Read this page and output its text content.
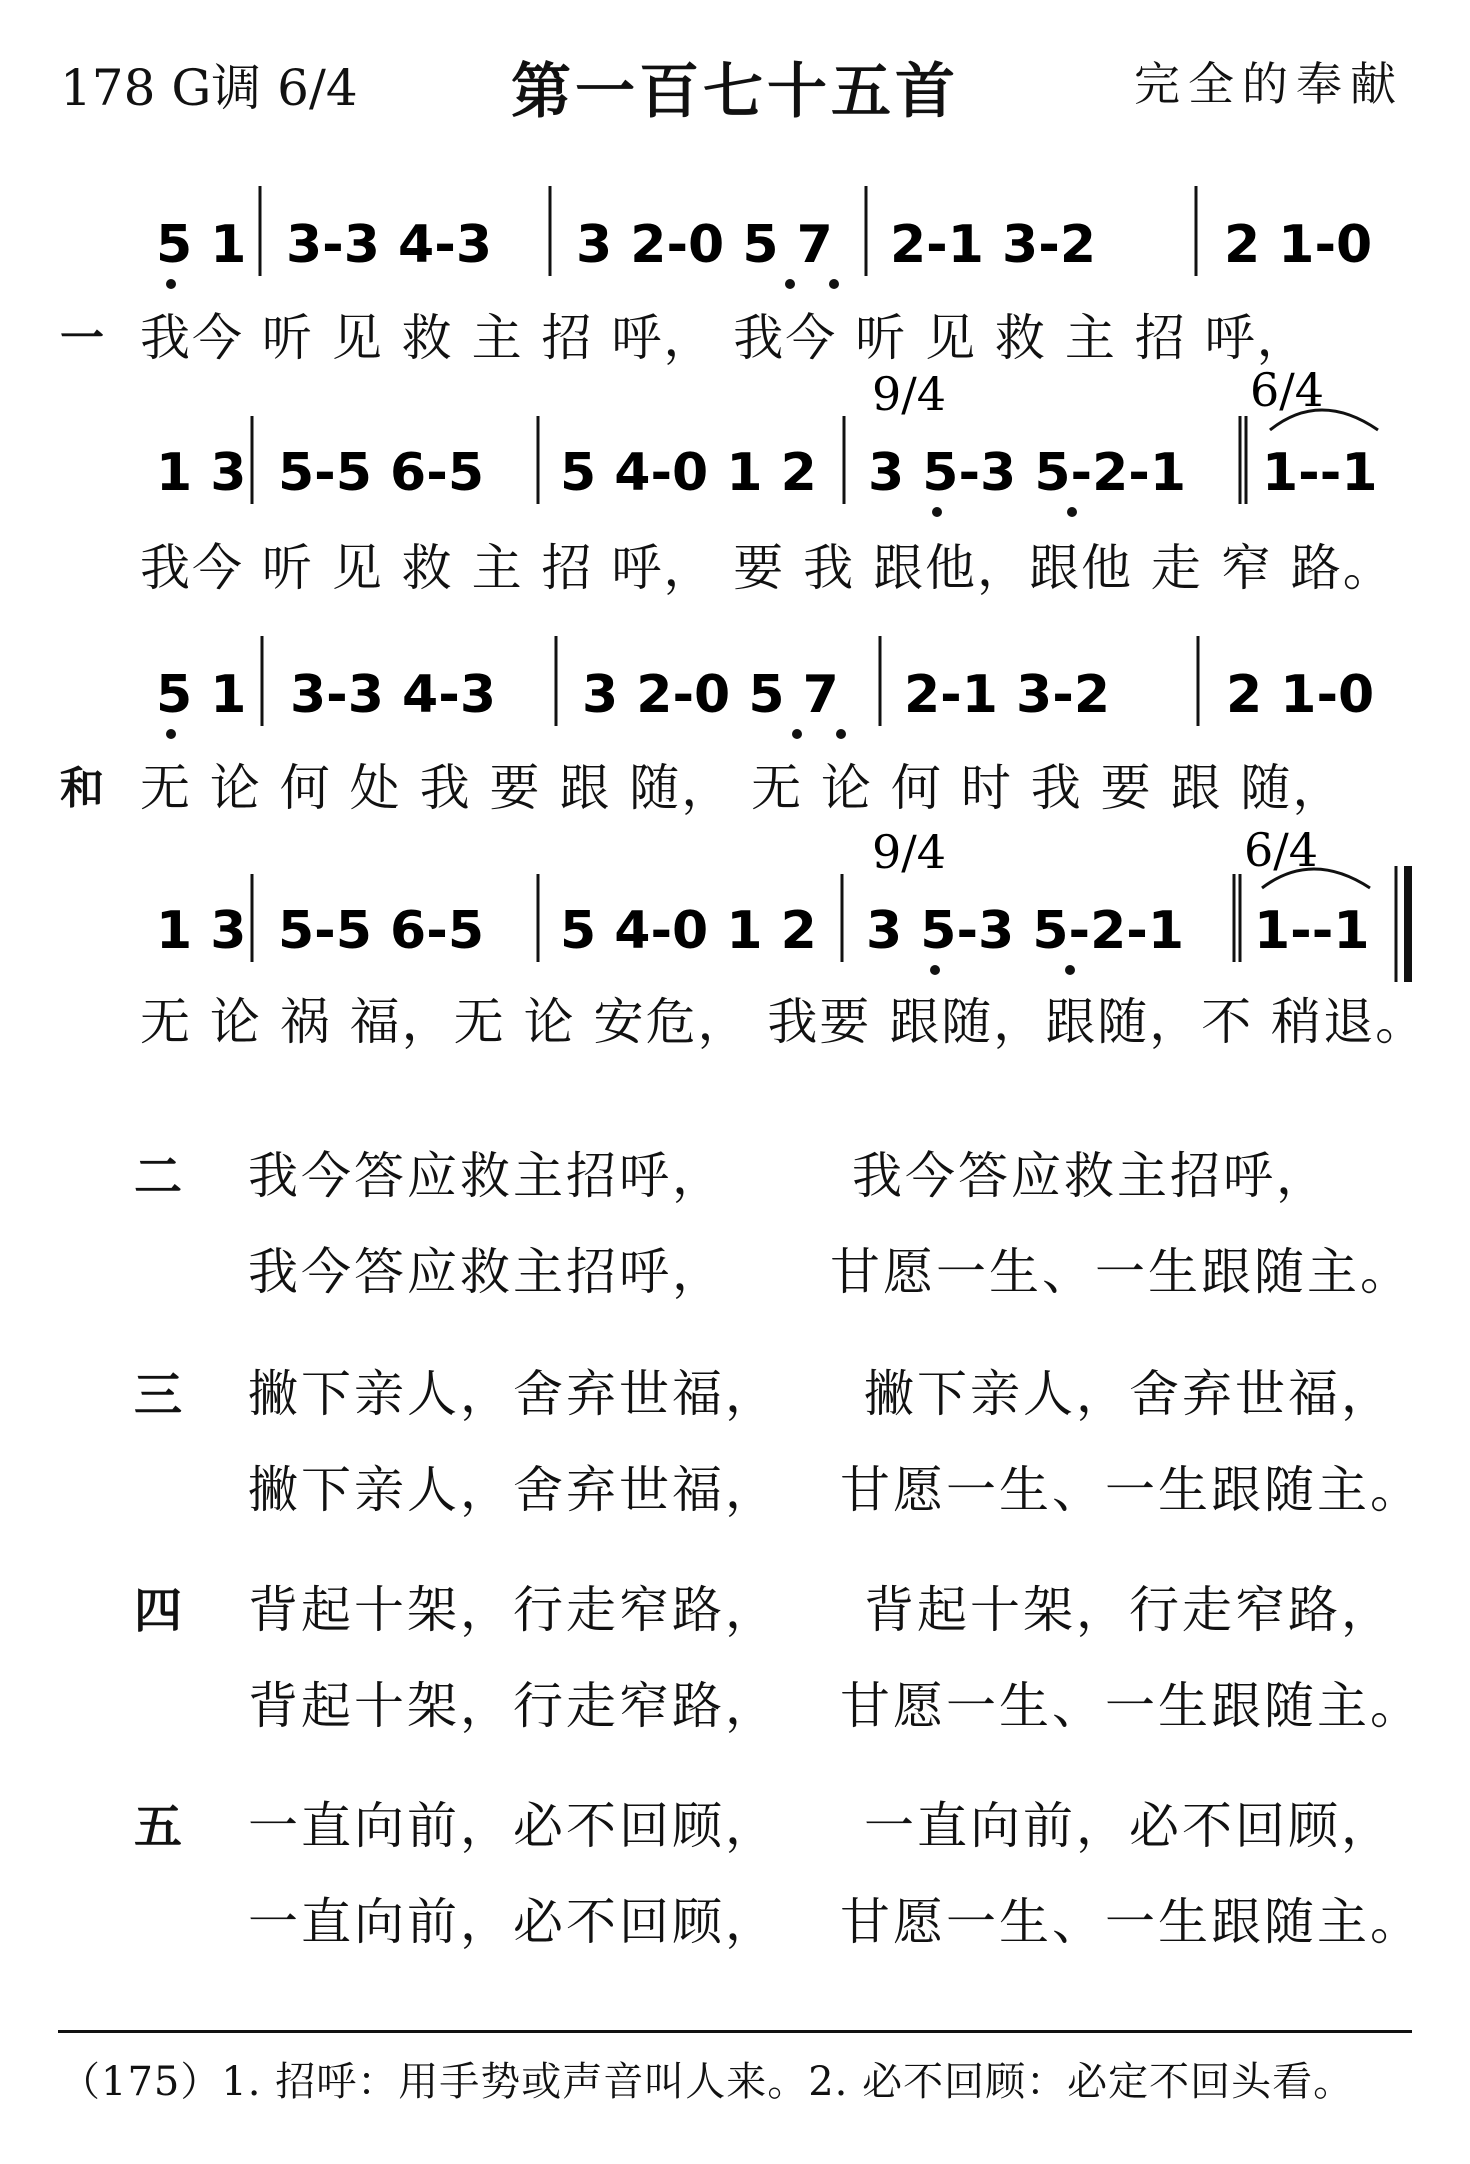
178 G调 6/4	第一百七十五首	完全的奉献
5 1 3-3 4-3 3 2-0 5 7 2-1 3-2 2 1-0
9/4	6/4
1 3 5-5 6-5 5 4-0 1 2 3 5-3 5-2-1 1--1
5 1 3-3 4-3 3 2-0 5 7 2-1 3-2 2 1-0
9/4	6/4
1 3 5-5 6-5 5 4-0 1 2 3 5-3 5-2-1 1--1
一 我今 听 见 救 主 招 呼， 我今 听 见 救 主 招 呼，
我今 听 见 救 主 招 呼， 要 我 跟他，跟他 走 窄 路。
和 无 论 何 处 我 要 跟 随， 无 论 何 时 我 要 跟 随，
无 论 祸 福，无 论 安危， 我要 跟随，跟随，不 稍退。
二 我今答应救主招呼，	我今答应救主招呼，
我今答应救主招呼， 甘愿一生、一生跟随主。
三 撇下亲人，舍弃世福， 撇下亲人，舍弃世福，
撇下亲人，舍弃世福， 甘愿一生、一生跟随主。
四 背起十架，行走窄路， 背起十架，行走窄路，
背起十架，行走窄路， 甘愿一生、一生跟随主。
五 一直向前，必不回顾， 一直向前，必不回顾，
一直向前，必不回顾， 甘愿一生、一生跟随主。
（175）1. 招呼：用手势或声音叫人来。2. 必不回顾：必定不回头看。
